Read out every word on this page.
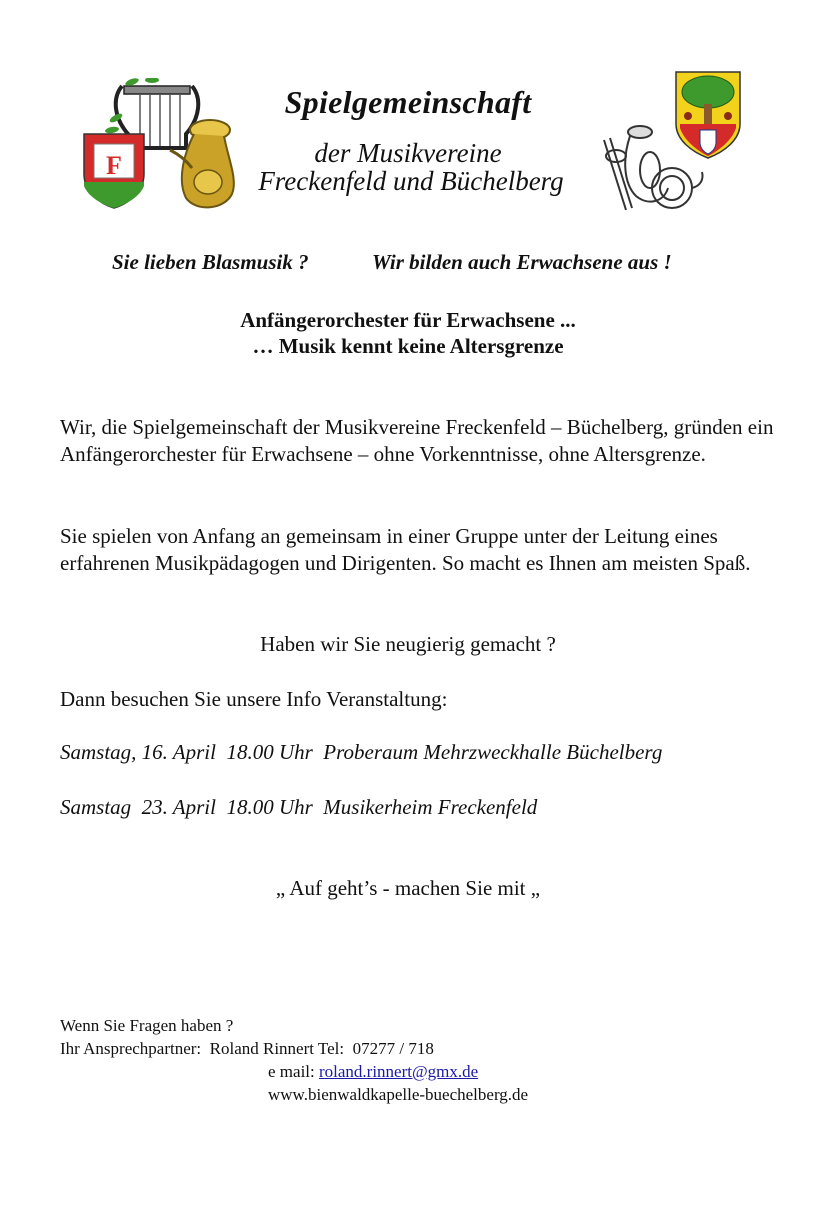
F
Spielgemeinschaft
der Musikvereine
Freckenfeld und Büchelberg
Sie lieben Blasmusik ?	Wir bilden auch Erwachsene aus !
Anfängerorchester für Erwachsene ...
… Musik kennt keine Altersgrenze
Wir, die Spielgemeinschaft der Musikvereine Freckenfeld – Büchelberg, gründen ein Anfängerorchester für Erwachsene – ohne Vorkenntnisse, ohne Altersgrenze.
Sie spielen von Anfang an gemeinsam in einer Gruppe unter der Leitung eines erfahrenen Musikpädagogen und Dirigenten. So macht es Ihnen am meisten Spaß.
Haben wir Sie neugierig gemacht ?
Dann besuchen Sie unsere Info Veranstaltung:
Samstag, 16. April  18.00 Uhr  Proberaum Mehrzweckhalle Büchelberg
Samstag  23. April  18.00 Uhr  Musikerheim Freckenfeld
„ Auf geht’s - machen Sie mit „
Wenn Sie Fragen haben ?
Ihr Ansprechpartner:  Roland Rinnert Tel:  07277 / 718
e mail: roland.rinnert@gmx.de
www.bienwaldkapelle-buechelberg.de
